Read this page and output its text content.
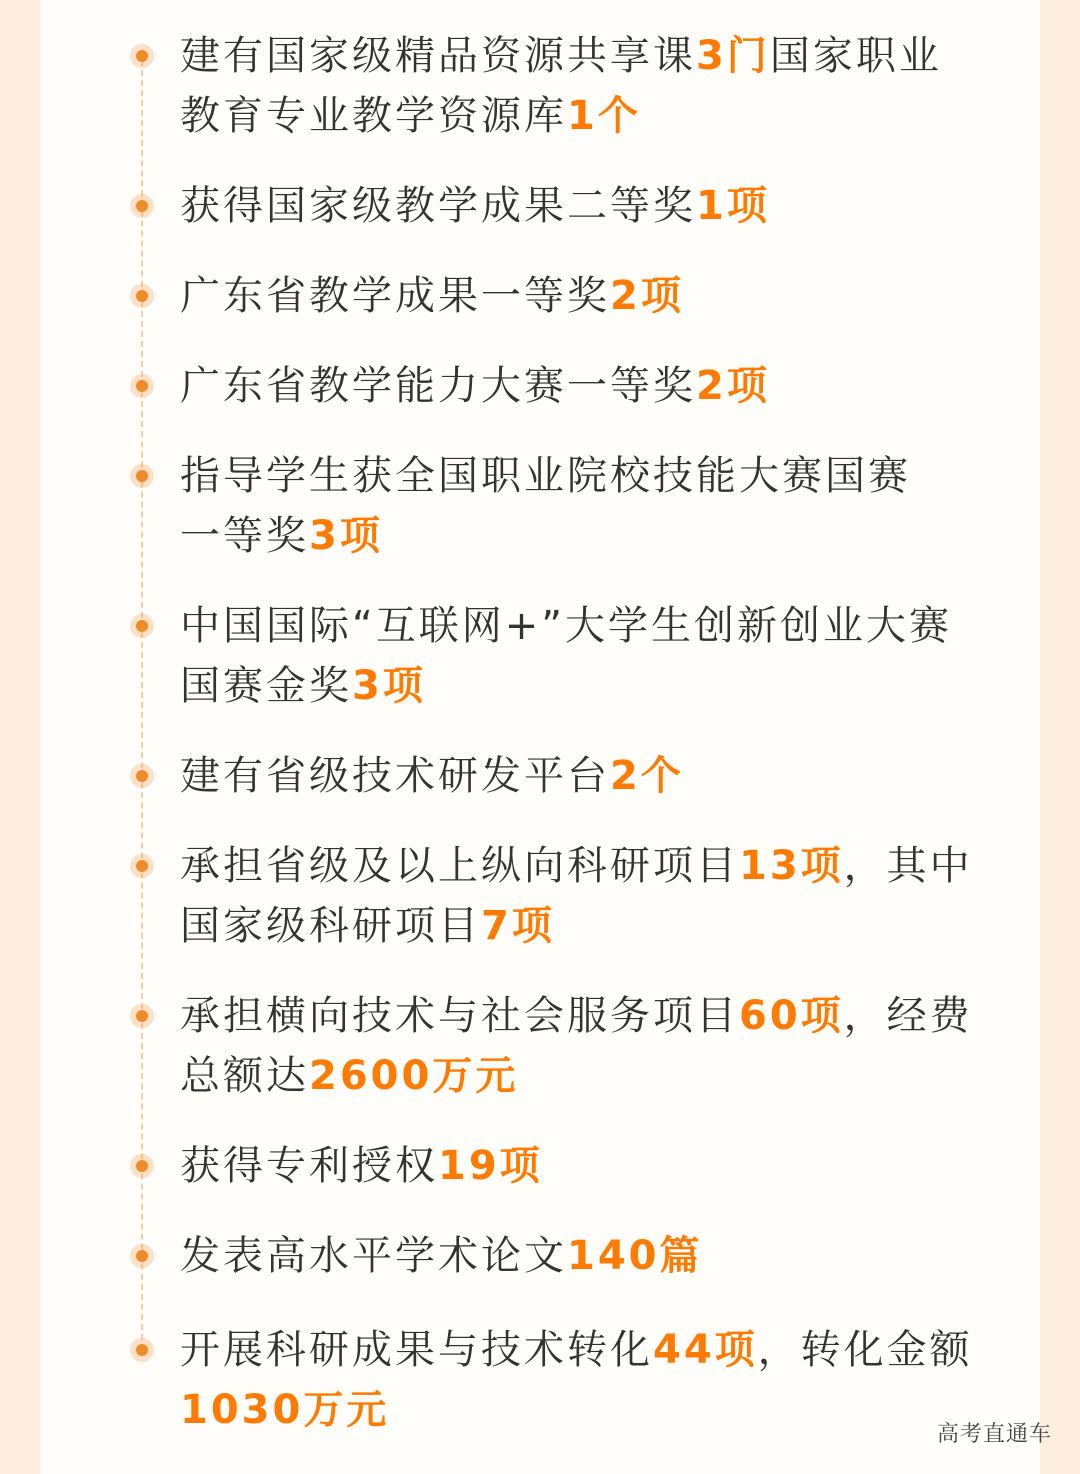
建有国家级精品资源共享课3门国家职业
教育专业教学资源库1个
获得国家级教学成果二等奖1项
广东省教学成果一等奖2项
广东省教学能力大赛一等奖2项
指导学生获全国职业院校技能大赛国赛
一等奖3项
中国国际“互联网+”大学生创新创业大赛
国赛金奖3项
建有省级技术研发平台2个
承担省级及以上纵向科研项目13项，其中
国家级科研项目7项
承担横向技术与社会服务项目60项，经费
总额达2600万元
获得专利授权19项
发表高水平学术论文140篇
开展科研成果与技术转化44项，转化金额
1030万元
高考直通车
